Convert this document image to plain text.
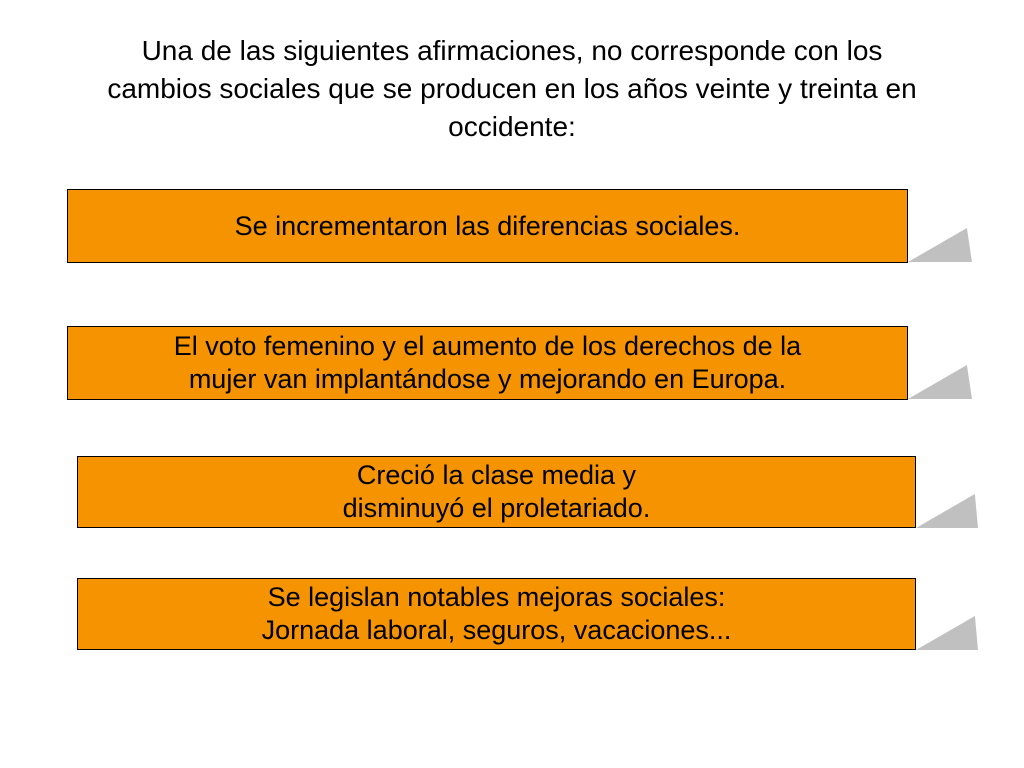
Una de las siguientes afirmaciones, no corresponde con los
cambios sociales que se producen en los años veinte y treinta en
occidente:

Se incrementaron las diferencias sociales.
El voto femenino y el aumento de los derechos de la
mujer van implantándose y mejorando en Europa.
Creció la clase media y
disminuyó el proletariado.
Se legislan notables mejoras sociales:
Jornada laboral, seguros, vacaciones...
